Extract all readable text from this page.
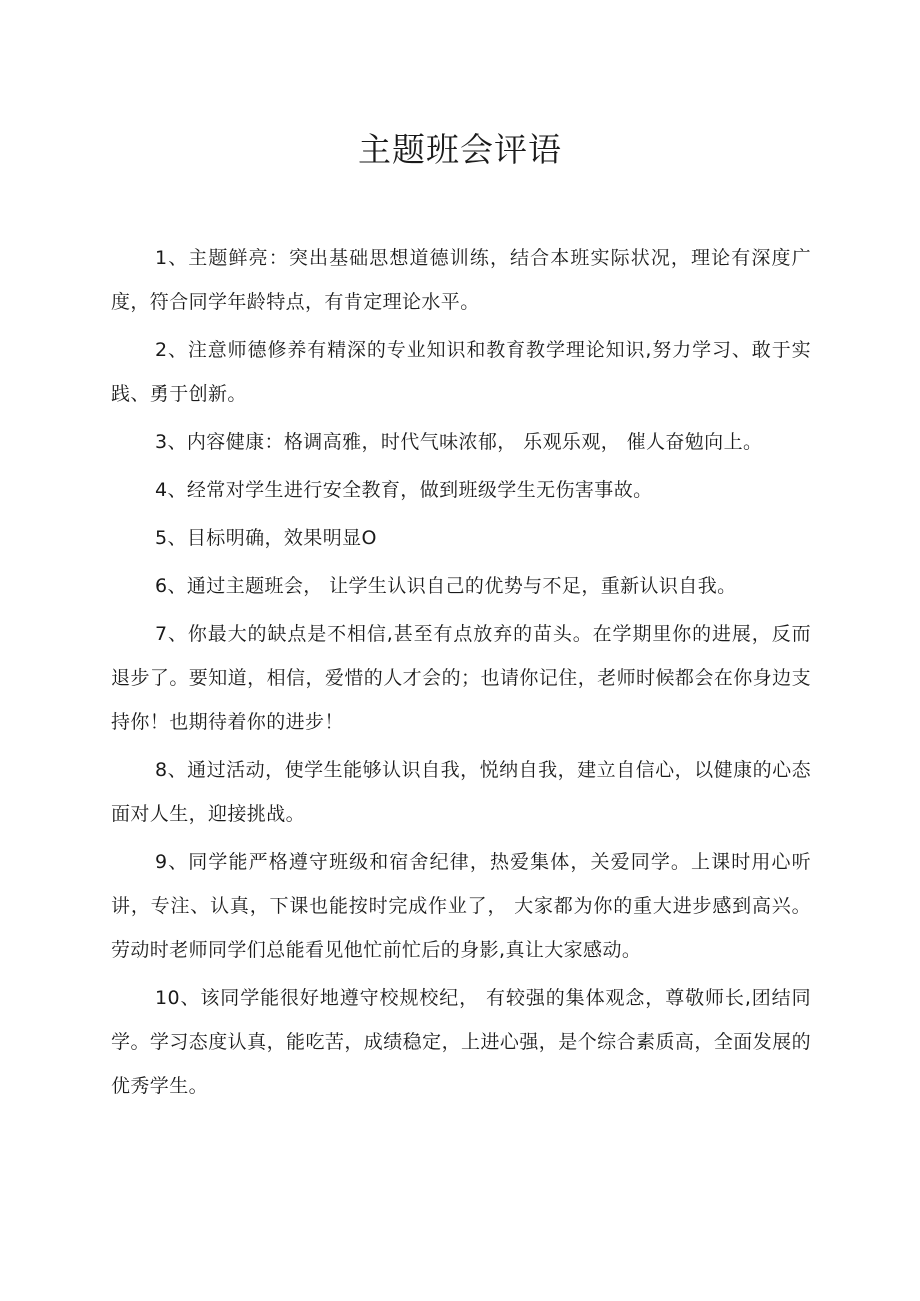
主题班会评语

1、主题鲜亮：突出基础思想道德训练，结合本班实际状况，理论有深度广度，符合同学年龄特点，有肯定理论水平。

2、注意师德修养有精深的专业知识和教育教学理论知识,努力学习、敢于实践、勇于创新。

3、内容健康：格调高雅，时代气味浓郁， 乐观乐观， 催人奋勉向上。

4、经常对学生进行安全教育，做到班级学生无伤害事故。

5、目标明确，效果明显O

6、通过主题班会， 让学生认识自己的优势与不足，重新认识自我。

7、你最大的缺点是不相信,甚至有点放弃的苗头。在学期里你的进展，反而退步了。要知道，相信，爱惜的人才会的；也请你记住，老师时候都会在你身边支持你！也期待着你的进步！

8、通过活动，使学生能够认识自我，悦纳自我，建立自信心，以健康的心态面对人生，迎接挑战。

9、同学能严格遵守班级和宿舍纪律，热爱集体，关爱同学。上课时用心听讲，专注、认真，下课也能按时完成作业了， 大家都为你的重大进步感到高兴。劳动时老师同学们总能看见他忙前忙后的身影,真让大家感动。

10、该同学能很好地遵守校规校纪， 有较强的集体观念，尊敬师长,团结同学。学习态度认真，能吃苦，成绩稳定，上进心强，是个综合素质高，全面发展的优秀学生。
